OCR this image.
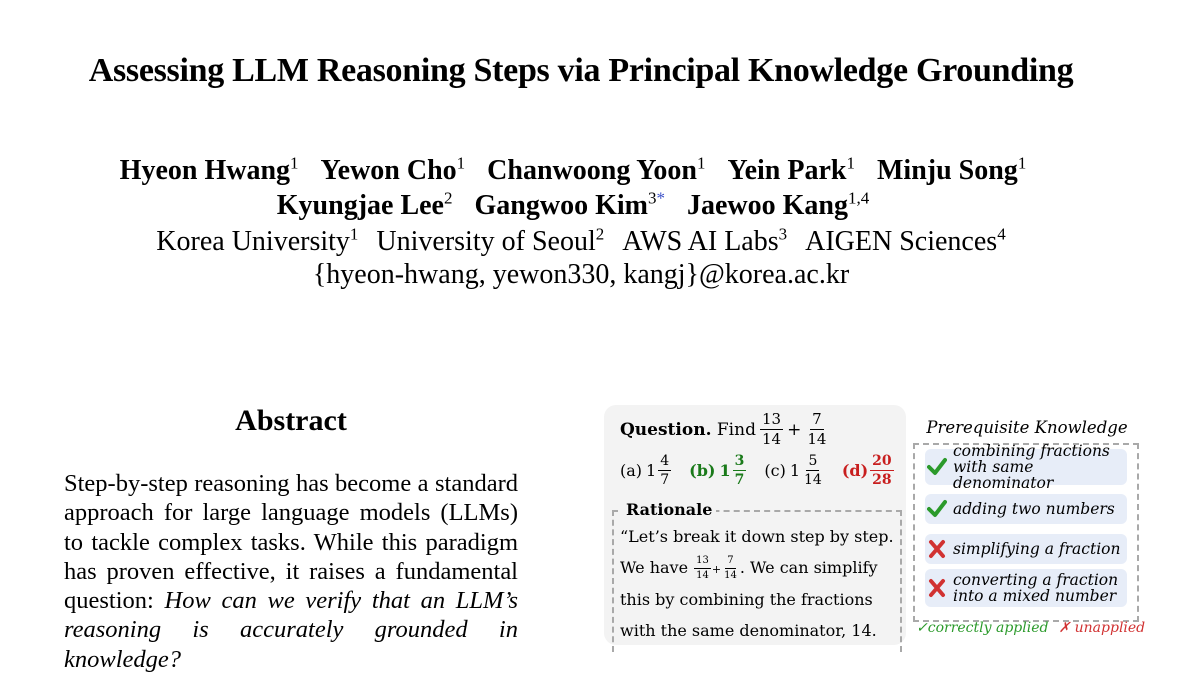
Assessing LLM Reasoning Steps via Principal Knowledge Grounding
Hyeon Hwang$^1$ Yewon Cho$^1$ Chanwoong Yoon$^1$ Yein Park$^1$ Minju Song$^1$
Kyungjae Lee$^2$ Gangwoo Kim$^{3*}$ Jaewoo Kang$^{1,4}$
Korea University$^1$ University of Seoul$^2$ AWS AI Labs$^3$ AIGEN Sciences$^4$
{hyeon-hwang, yewon330, kangj}@korea.ac.kr
Abstract
Step-by-step reasoning has become a standard approach for large language models (LLMs) to tackle complex tasks. While this paradigm has proven effective, it raises a fundamental question: How can we verify that an LLM’s reasoning is accurately grounded in knowledge?
Question.
Find $\frac{13}{14} + \frac{7}{14}$
(a) $1 \frac{4}{7} (b)$ $1 \frac{3}{7} (c)$ $1 \frac{5}{14} (d) \frac{20}{28}$
Rationale
“Let’s break it down step by step.
We have $\frac{13}{14} + \frac{7}{14}$ . We can simplify
this by combining the fractions
with the same denominator, 14.
Prerequisite Knowledge
combining fractions with same denominator
adding two numbers
simplifying a fraction
converting a fraction into a mixed number
✓correctly applied ✗ unapplied
